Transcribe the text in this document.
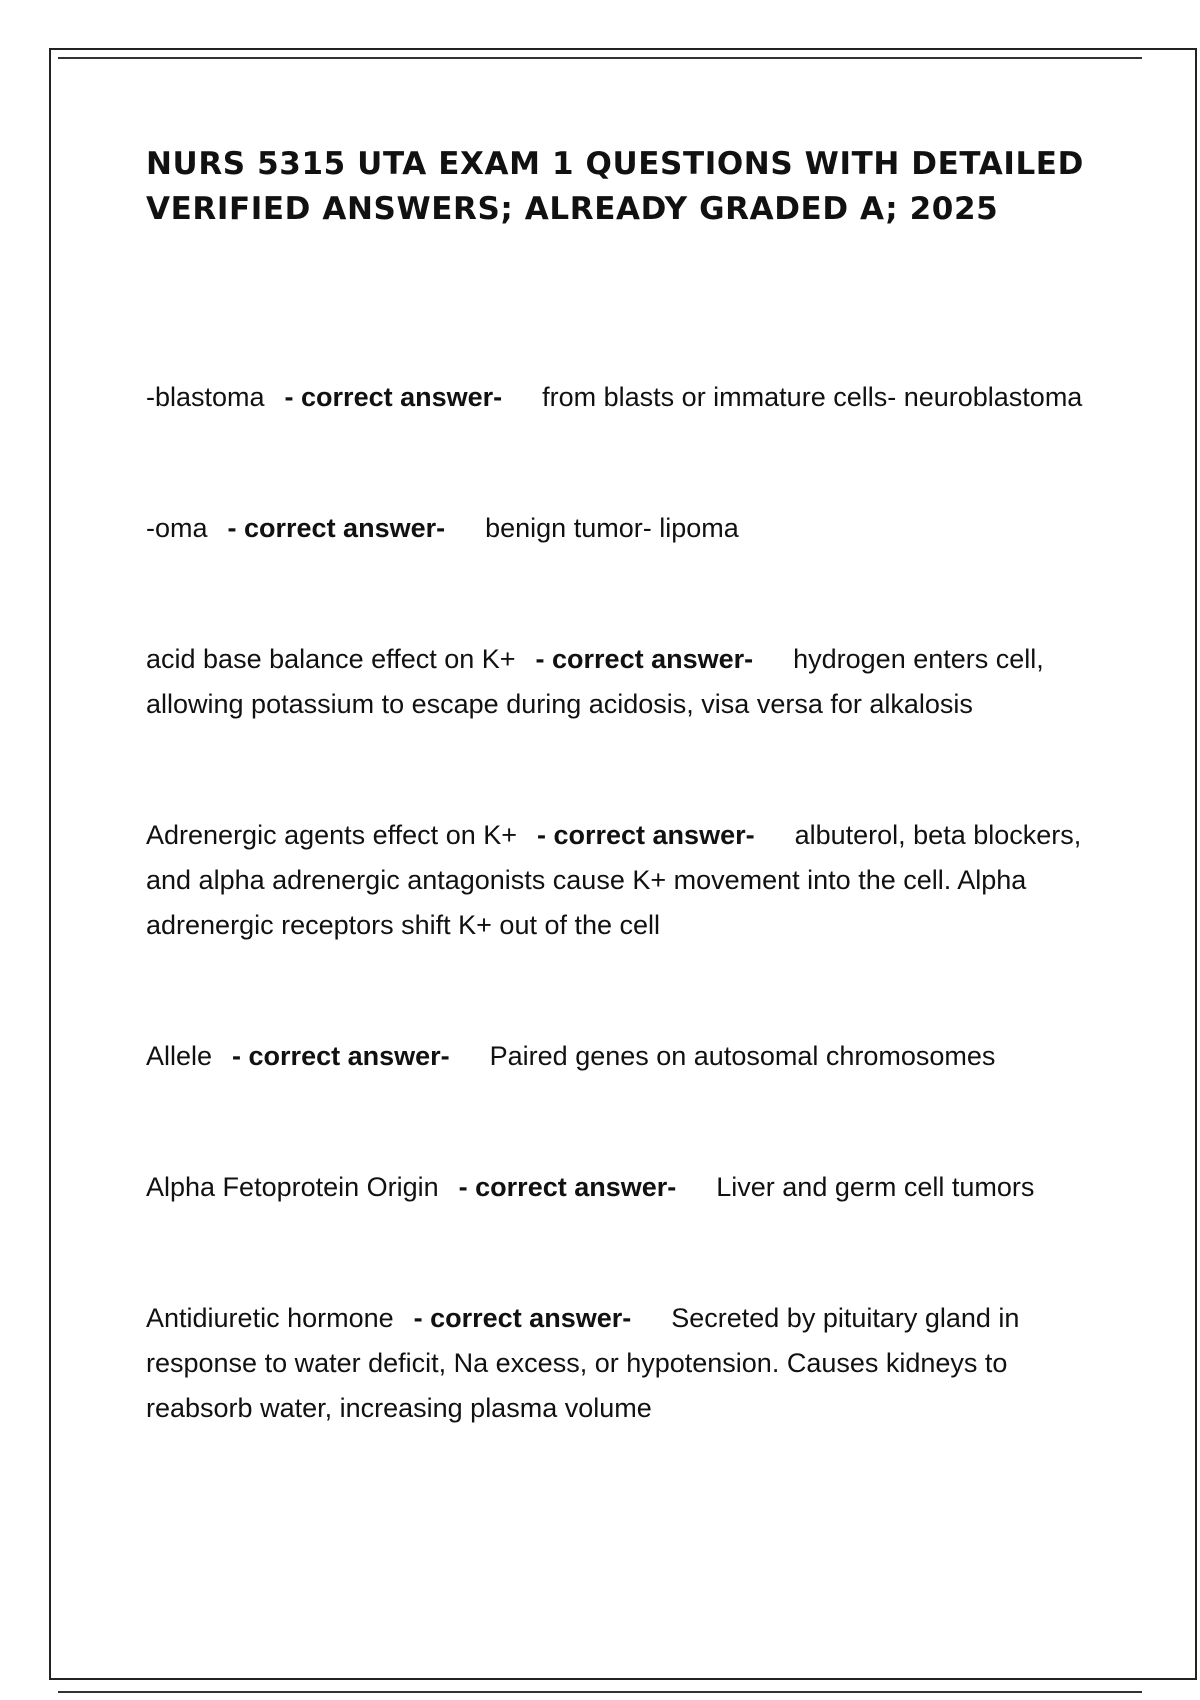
NURS 5315 UTA EXAM 1 QUESTIONS WITH DETAILED VERIFIED ANSWERS; ALREADY GRADED A; 2025

-blastoma - correct answer- from blasts or immature cells- neuroblastoma

-oma - correct answer- benign tumor- lipoma

acid base balance effect on K+ - correct answer- hydrogen enters cell, allowing potassium to escape during acidosis, visa versa for alkalosis

Adrenergic agents effect on K+ - correct answer- albuterol, beta blockers, and alpha adrenergic antagonists cause K+ movement into the cell. Alpha adrenergic receptors shift K+ out of the cell

Allele - correct answer- Paired genes on autosomal chromosomes

Alpha Fetoprotein Origin - correct answer- Liver and germ cell tumors

Antidiuretic hormone - correct answer- Secreted by pituitary gland in response to water deficit, Na excess, or hypotension. Causes kidneys to reabsorb water, increasing plasma volume
